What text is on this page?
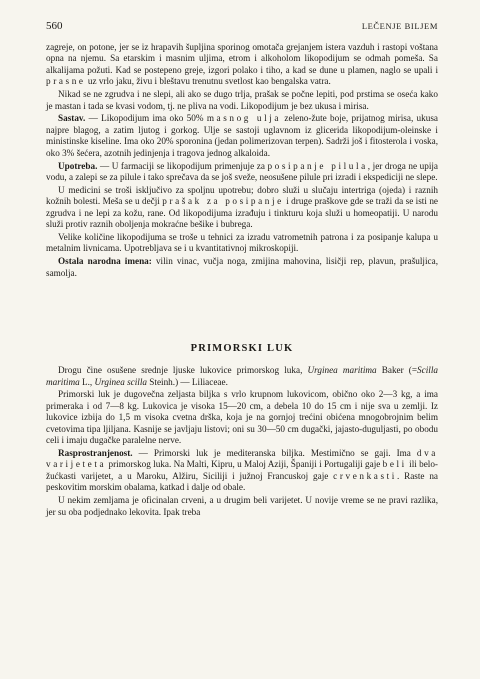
560	LEČENJE BILJEM

zagreje, on potone, jer se iz hrapavih šupljina sporinog omotača grejanjem istera vazduh i rastopi voštana opna na njemu. Sa etarskim i masnim uljima, etrom i alkoholom likopodijum se odmah pomeša. Sa alkalijama požuti. Kad se postepeno greje, izgori polako i tiho, a kad se dune u plamen, naglo se upali i prasne uz vrlo jaku, živu i bleštavu trenutnu svetlost kao bengalska vatra.

Nikad se ne zgrudva i ne slepi, ali ako se dugo trlja, prašak se počne lepiti, pod prstima se oseća kako je mastan i tada se kvasi vodom, tj. ne pliva na vodi. Likopodijum je bez ukusa i mirisa.

Sastav. — Likopodijum ima oko 50% masnog ulja zeleno-žute boje, prijatnog mirisa, ukusa najpre blagog, a zatim ljutog i gorkog. Ulje se sastoji uglavnom iz glicerida likopodijum-oleinske i ministinske kiseline. Ima oko 20% sporonina (jedan polimerizovan terpen). Sadrži još i fitosterola i voska, oko 3% šećera, azotnih jedinjenja i tragova jednog alkaloida.

Upotreba. — U farmaciji se likopodijum primenjuje za posipanje pilula, jer droga ne upija vodu, a zalepi se za pilule i tako sprečava da se još sveže, neosušene pilule pri izradi i ekspediciji ne slepe.

U medicini se troši isključivo za spoljnu upotrebu; dobro služi u slučaju intertriga (ojeda) i raznih kožnih bolesti. Meša se u dečji prašak za posipanje i druge praškove gde se traži da se isti ne zgrudva i ne lepi za kožu, rane. Od likopodijuma izrađuju i tinkturu koja služi u homeopatiji. U narodu služi protiv raznih oboljenja mokraćne bešike i bubrega.

Velike količine likopodijuma se troše u tehnici za izradu vatrometnih patrona i za posipanje kalupa u metalnim livnicama. Upotrebljava se i u kvantitativnoj mikroskopiji.

Ostala narodna imena: vilin vinac, vučja noga, zmijina mahovina, lisičji rep, plavun, prašuljica, samolja.

PRIMORSKI LUK

Drogu čine osušene srednje ljuske lukovice primorskog luka, Urginea maritima Baker (=Scilla maritima L., Urginea scilla Steinh.) — Liliaceae.

Primorski luk je dugovečna zeljasta biljka s vrlo krupnom lukovicom, obično oko 2—3 kg, a ima primeraka i od 7—8 kg. Lukovica je visoka 15—20 cm, a debela 10 do 15 cm i nije sva u zemlji. Iz lukovice izbija do 1,5 m visoka cvetna drška, koja je na gornjoj trećini obićena mnogobrojnim belim cvetovima tipa ljiljana. Kasnije se javljaju listovi; oni su 30—50 cm dugački, jajasto-duguljasti, po obodu celi i imaju dugačke paralelne nerve.

Rasprostranjenost. — Primorski luk je mediteranska biljka. Mestimično se gaji. Ima dva varijeteta primorskog luka. Na Malti, Kipru, u Maloj Aziji, Španiji i Portugaliji gaje beli ili belo-žućkasti varijetet, a u Maroku, Alžiru, Siciliji i južnoj Francuskoj gaje crvenkasti. Raste na peskovitim morskim obalama, katkad i dalje od obale.

U nekim zemljama je oficinalan crveni, a u drugim beli varijetet. U novije vreme se ne pravi razlika, jer su oba podjednako lekovita. Ipak treba
